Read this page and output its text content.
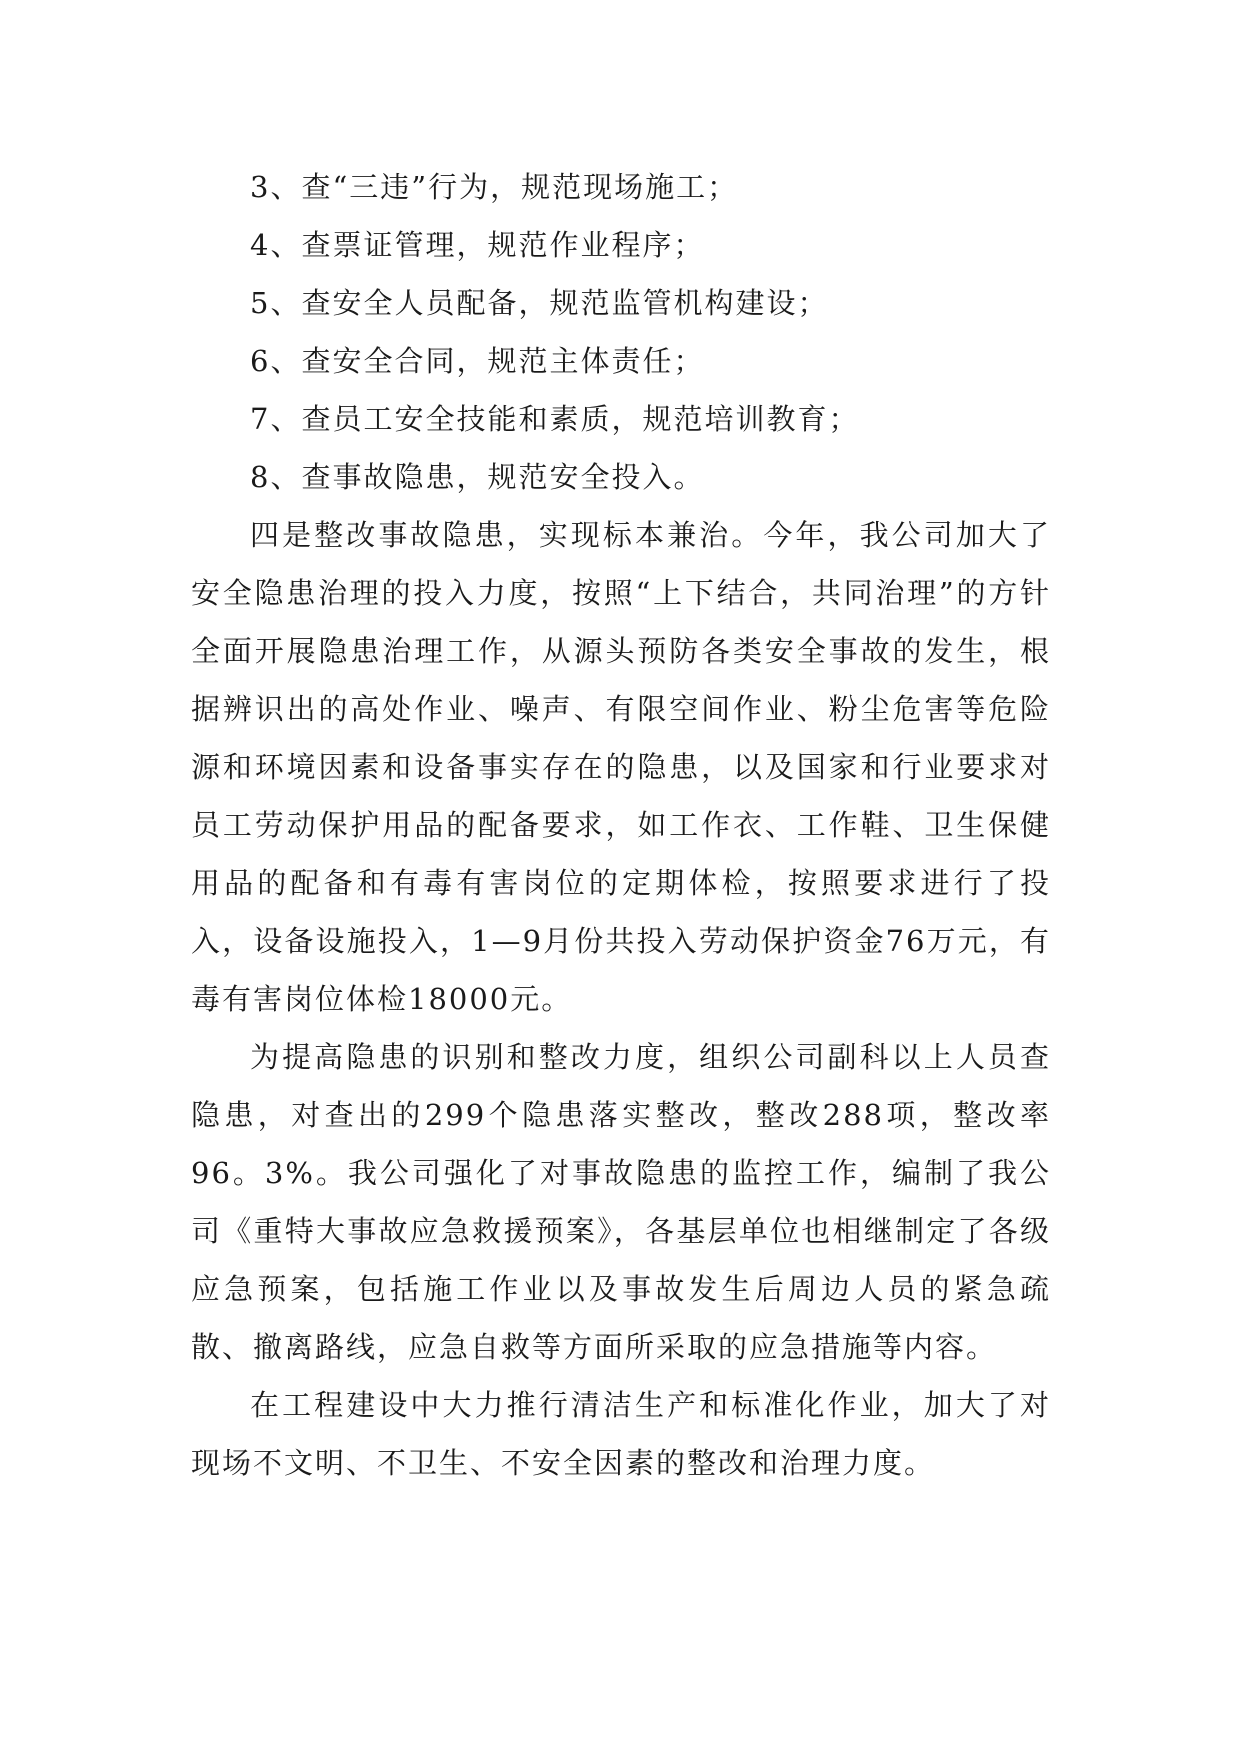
3、查“三违”行为，规范现场施工；
4、查票证管理，规范作业程序；
5、查安全人员配备，规范监管机构建设；
6、查安全合同，规范主体责任；
7、查员工安全技能和素质，规范培训教育；
8、查事故隐患，规范安全投入。

四是整改事故隐患，实现标本兼治。今年，我公司加大了安全隐患治理的投入力度，按照“上下结合，共同治理”的方针全面开展隐患治理工作，从源头预防各类安全事故的发生，根据辨识出的高处作业、噪声、有限空间作业、粉尘危害等危险源和环境因素和设备事实存在的隐患，以及国家和行业要求对员工劳动保护用品的配备要求，如工作衣、工作鞋、卫生保健用品的配备和有毒有害岗位的定期体检，按照要求进行了投入，设备设施投入，1—9月份共投入劳动保护资金76万元，有毒有害岗位体检18000元。

为提高隐患的识别和整改力度，组织公司副科以上人员查隐患，对查出的299个隐患落实整改，整改288项，整改率96。3%。我公司强化了对事故隐患的监控工作，编制了我公司《重特大事故应急救援预案》，各基层单位也相继制定了各级应急预案，包括施工作业以及事故发生后周边人员的紧急疏散、撤离路线，应急自救等方面所采取的应急措施等内容。

在工程建设中大力推行清洁生产和标准化作业，加大了对现场不文明、不卫生、不安全因素的整改和治理力度。
